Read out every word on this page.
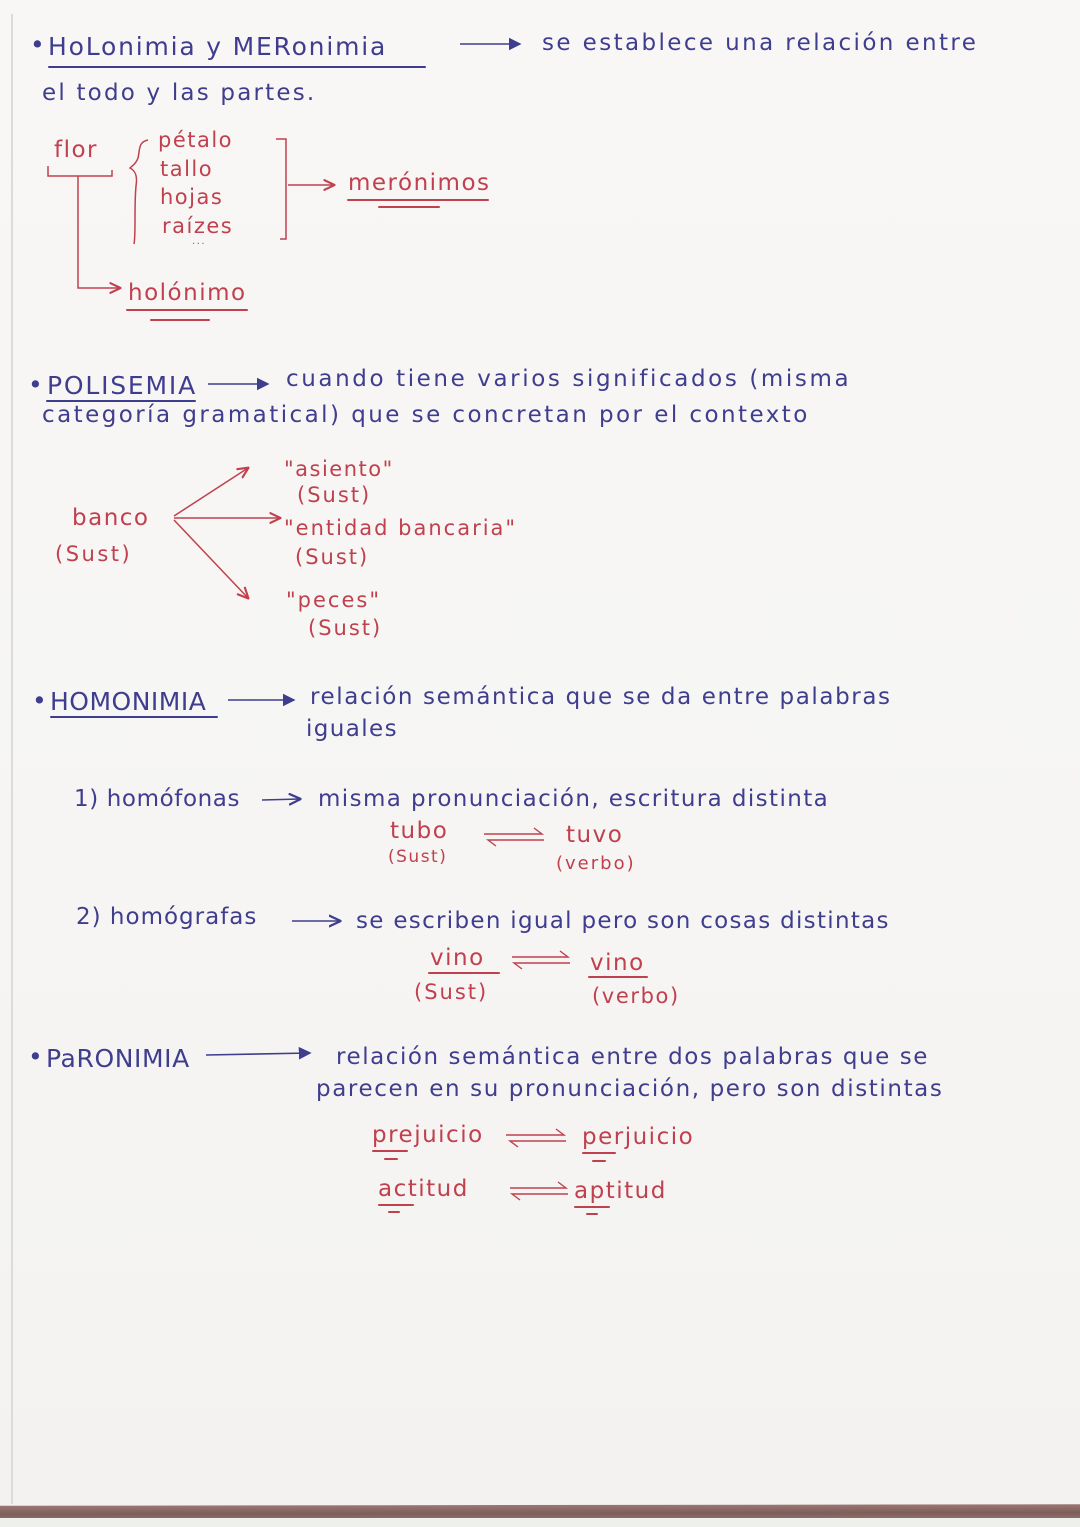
• HoLonimia y MERonimia	se establece una relación entre
el todo y las partes.
flor	pétalo
tallo
hojas
raízes
...
merónimos
holónimo
• POLISEMIA	cuando tiene varios significados (misma
categoría gramatical) que se concretan por el contexto
banco
(Sust)
"asiento"
(Sust)
"entidad bancaria"
(Sust)
"peces"
(Sust)
• HOMONIMIA	relación semántica que se da entre palabras
iguales
1) homófonas	misma pronunciación, escritura distinta
tubo
(Sust)
tuvo
(verbo)
2) homógrafas	se escriben igual pero son cosas distintas
vino
(Sust)
vino
(verbo)
• PaRONIMIA	relación semántica entre dos palabras que se
parecen en su pronunciación, pero son distintas
prejuicio	perjuicio
actitud	aptitud
